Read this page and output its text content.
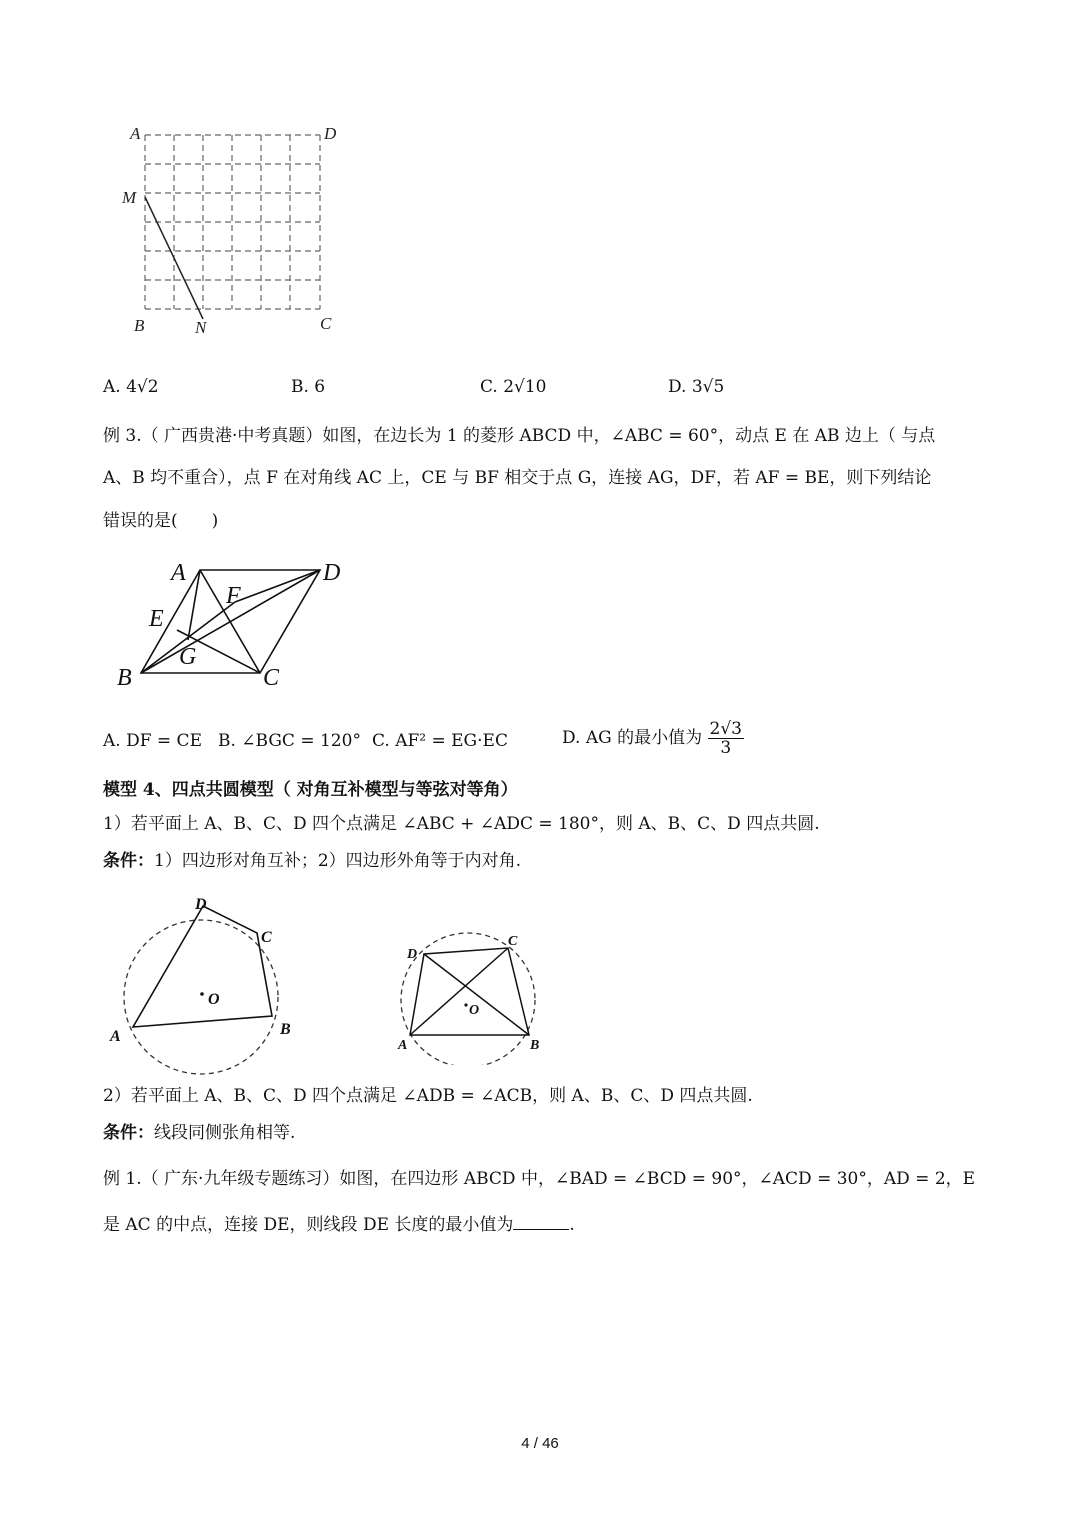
A	D
M
B	N	C
A. 4√2	B. 6	C. 2√10	D. 3√5
例 3.（ 广西贵港·中考真题）如图，在边长为 1 的菱形 ABCD 中，∠ABC = 60°，动点 E 在 AB 边上（ 与点
A、B 均不重合），点 F 在对角线 AC 上，CE 与 BF 相交于点 G，连接 AG，DF，若 AF = BE，则下列结论
错误的是(　　)
A	D
F
E
G
B	C
A. DF = CE B. ∠BGC = 120° C. AF² = EG·EC	D. AG 的最小值为 $\frac{2√3}{3}$
模型 4、四点共圆模型（ 对角互补模型与等弦对等角）
1）若平面上 A、B、C、D 四个点满足 ∠ABC + ∠ADC = 180°，则 A、B、C、D 四点共圆.
条件：1）四边形对角互补；2）四边形外角等于内对角.
D
C
O
A	B
D
C
O
A	B
2）若平面上 A、B、C、D 四个点满足 ∠ADB = ∠ACB，则 A、B、C、D 四点共圆.
条件：线段同侧张角相等.
例 1.（ 广东·九年级专题练习）如图，在四边形 ABCD 中，∠BAD = ∠BCD = 90°，∠ACD = 30°，AD = 2，E
是 AC 的中点，连接 DE，则线段 DE 长度的最小值为	.
4 / 46
